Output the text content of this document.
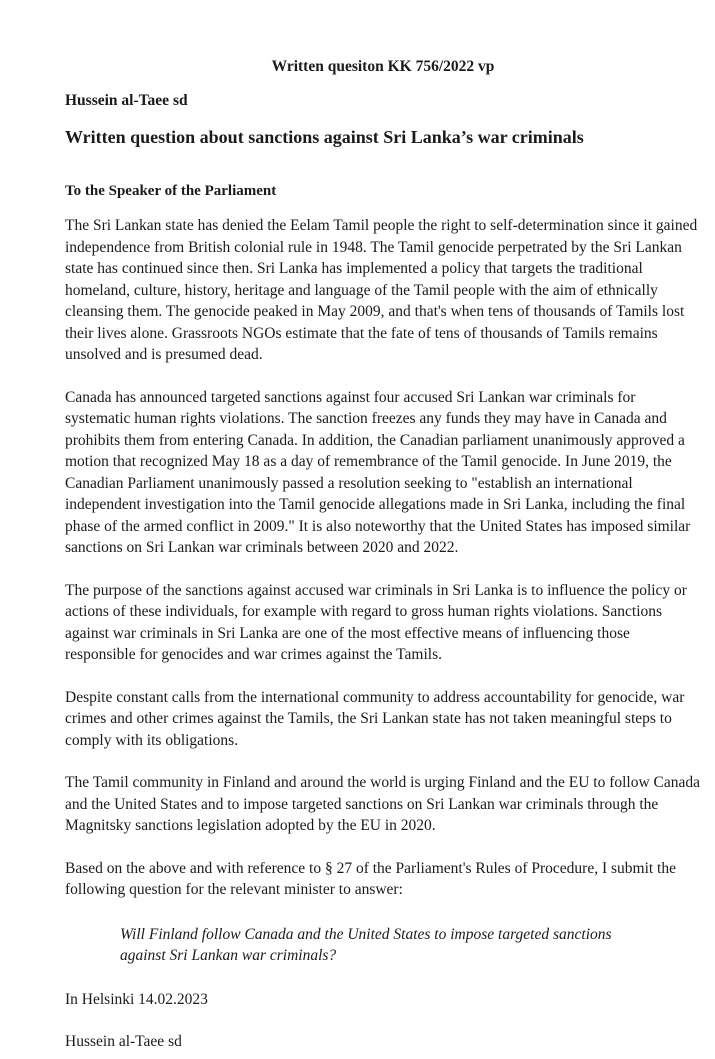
Written quesiton KK 756/2022 vp
Hussein al-Taee sd
Written question about sanctions against Sri Lanka’s war criminals
To the Speaker of the Parliament

The Sri Lankan state has denied the Eelam Tamil people the right to self-determination since it gained independence from British colonial rule in 1948. The Tamil genocide perpetrated by the Sri Lankan state has continued since then. Sri Lanka has implemented a policy that targets the traditional homeland, culture, history, heritage and language of the Tamil people with the aim of ethnically cleansing them. The genocide peaked in May 2009, and that's when tens of thousands of Tamils lost their lives alone. Grassroots NGOs estimate that the fate of tens of thousands of Tamils remains unsolved and is presumed dead.

Canada has announced targeted sanctions against four accused Sri Lankan war criminals for systematic human rights violations. The sanction freezes any funds they may have in Canada and prohibits them from entering Canada. In addition, the Canadian parliament unanimously approved a motion that recognized May 18 as a day of remembrance of the Tamil genocide. In June 2019, the Canadian Parliament unanimously passed a resolution seeking to "establish an international independent investigation into the Tamil genocide allegations made in Sri Lanka, including the final phase of the armed conflict in 2009." It is also noteworthy that the United States has imposed similar sanctions on Sri Lankan war criminals between 2020 and 2022.

The purpose of the sanctions against accused war criminals in Sri Lanka is to influence the policy or actions of these individuals, for example with regard to gross human rights violations. Sanctions against war criminals in Sri Lanka are one of the most effective means of influencing those responsible for genocides and war crimes against the Tamils.

Despite constant calls from the international community to address accountability for genocide, war crimes and other crimes against the Tamils, the Sri Lankan state has not taken meaningful steps to comply with its obligations.

The Tamil community in Finland and around the world is urging Finland and the EU to follow Canada and the United States and to impose targeted sanctions on Sri Lankan war criminals through the Magnitsky sanctions legislation adopted by the EU in 2020.

Based on the above and with reference to § 27 of the Parliament's Rules of Procedure, I submit the following question for the relevant minister to answer:

Will Finland follow Canada and the United States to impose targeted sanctions against Sri Lankan war criminals?
In Helsinki 14.02.2023
Hussein al-Taee sd
